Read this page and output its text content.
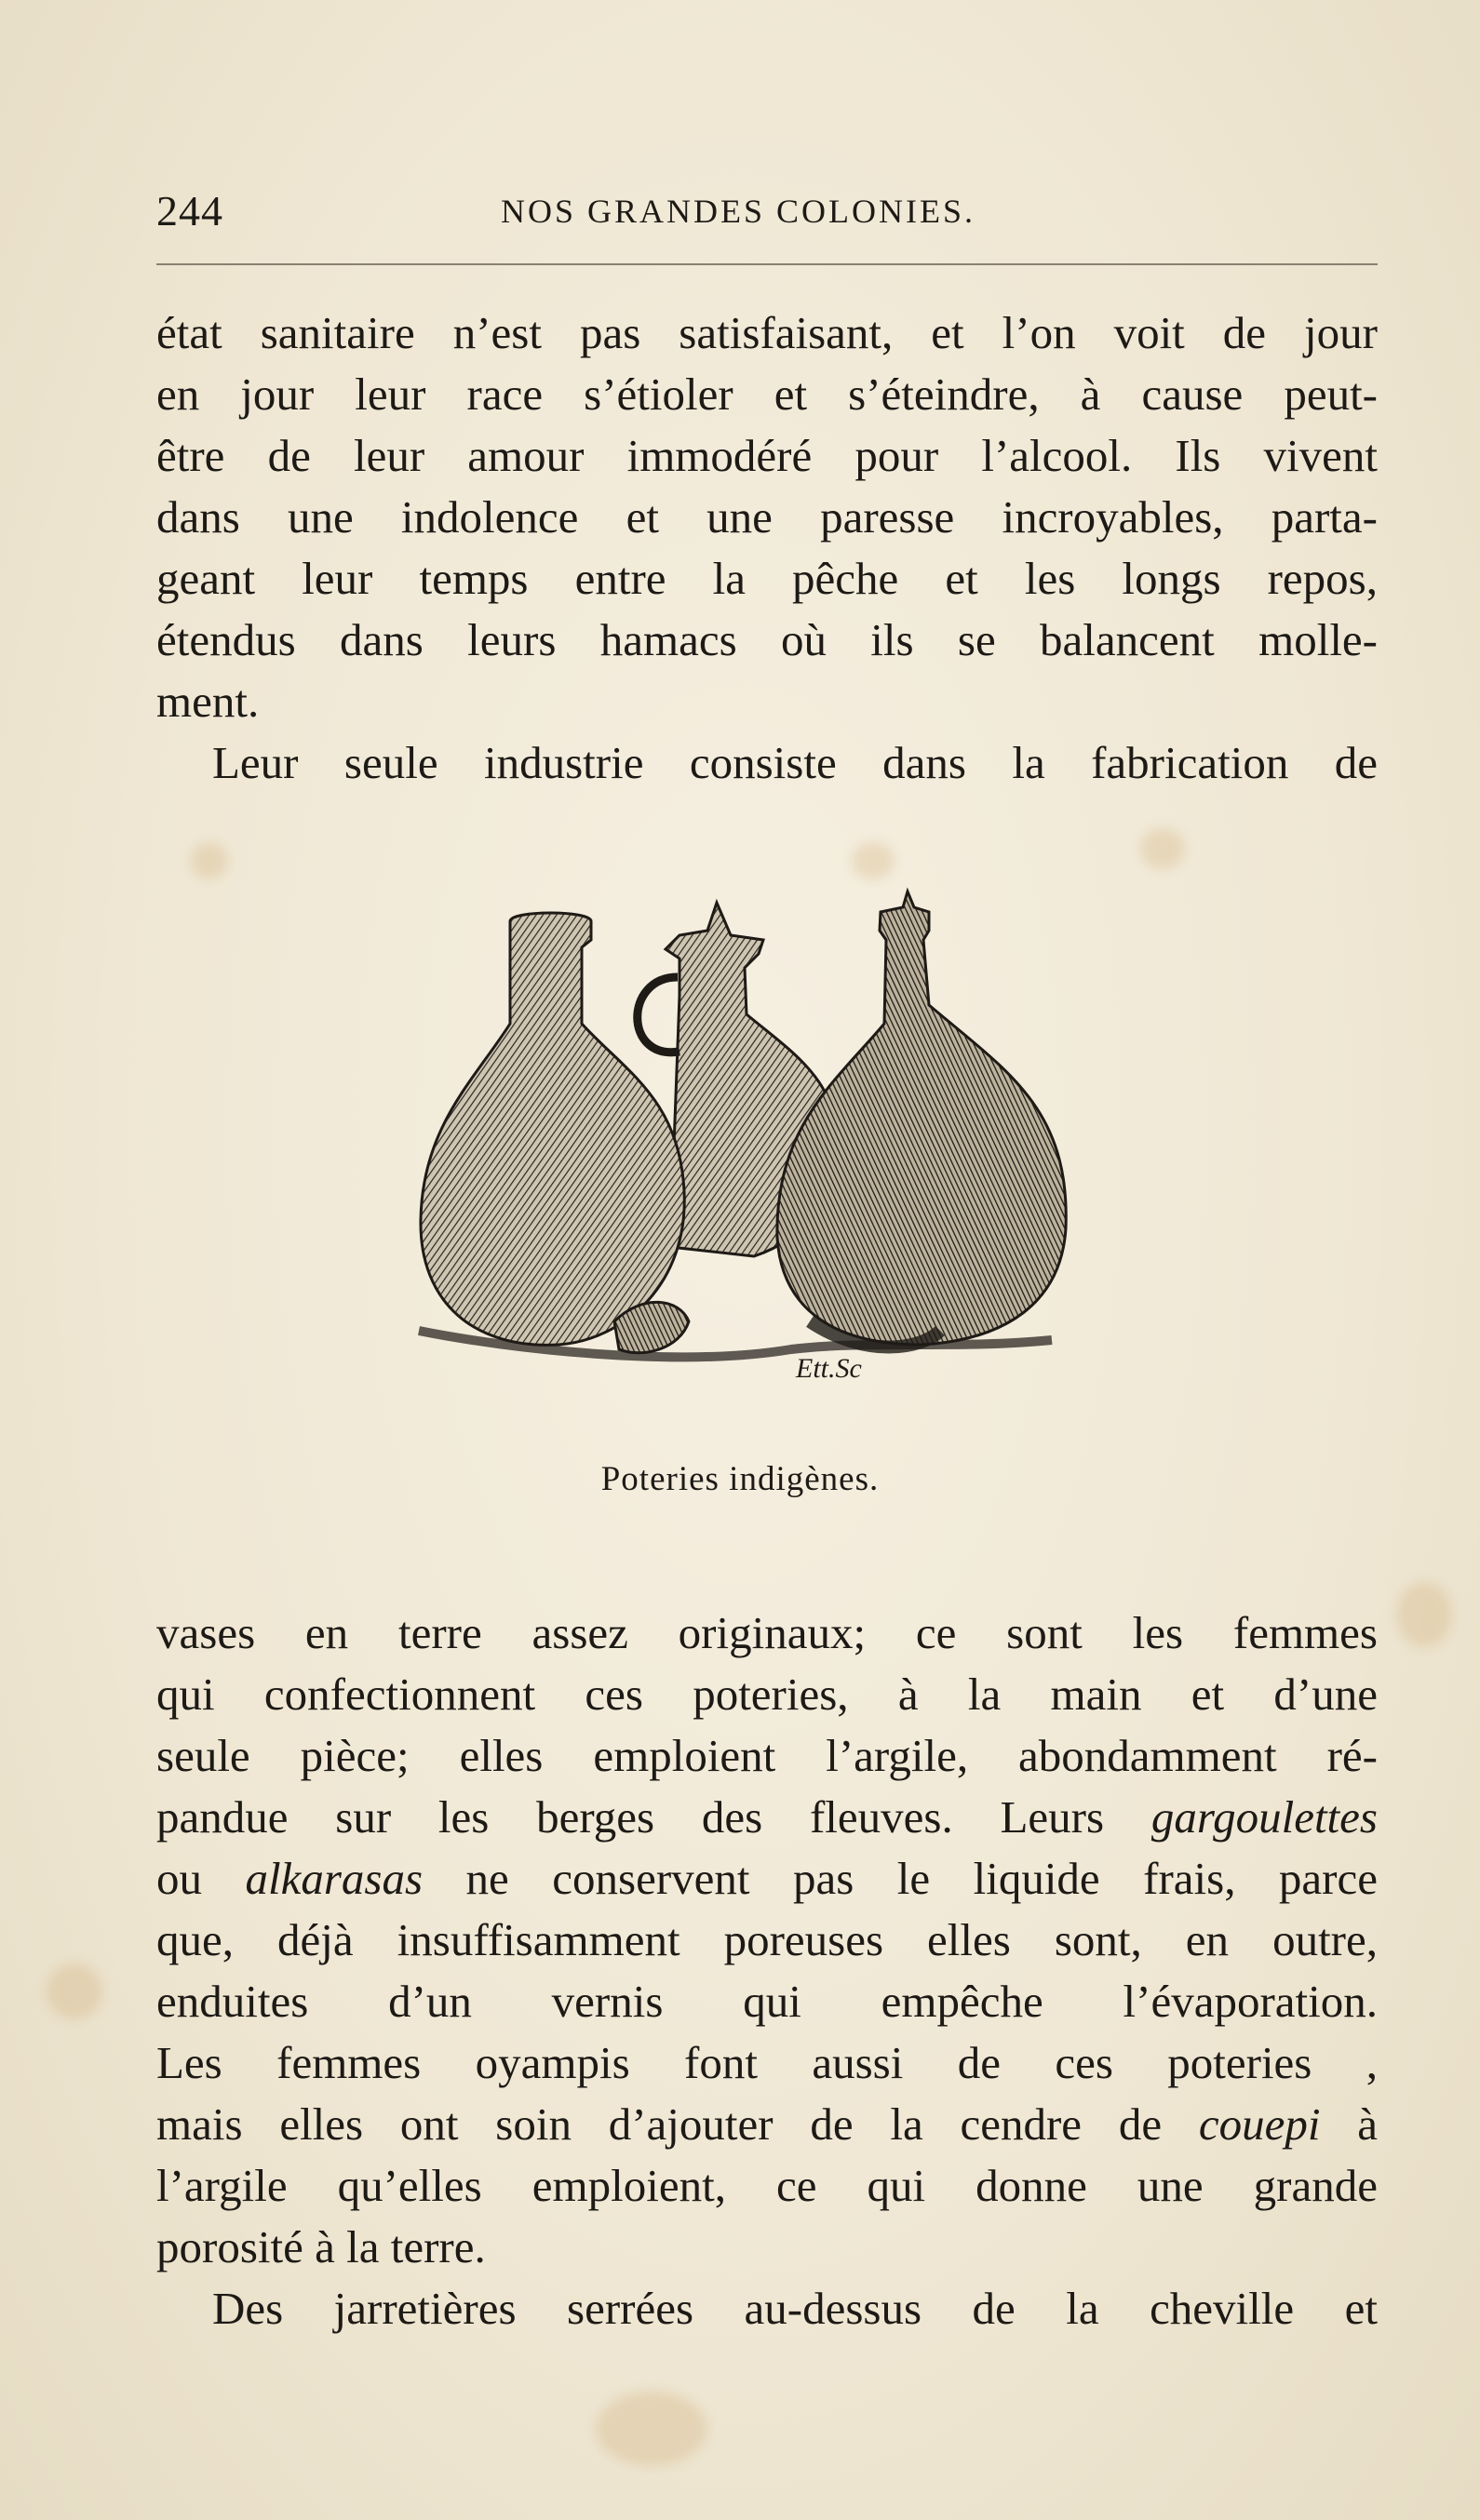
244	NOS GRANDES COLONIES.
état sanitaire n’est pas satisfaisant, et l’on voit de jour
en jour leur race s’étioler et s’éteindre, à cause peut-
être de leur amour immodéré pour l’alcool. Ils vivent
dans une indolence et une paresse incroyables, parta-
geant leur temps entre la pêche et les longs repos,
étendus dans leurs hamacs où ils se balancent molle-
ment.
Leur seule industrie consiste dans la fabrication de
Ett.Sc
Poteries indigènes.
vases en terre assez originaux; ce sont les femmes
qui confectionnent ces poteries, à la main et d’une
seule pièce; elles emploient l’argile, abondamment ré-
pandue sur les berges des fleuves. Leurs gargoulettes
ou alkarasas ne conservent pas le liquide frais, parce
que, déjà insuffisamment poreuses elles sont, en outre,
enduites d’un vernis qui empêche l’évaporation.
Les femmes oyampis font aussi de ces poteries ,
mais elles ont soin d’ajouter de la cendre de couepi à
l’argile qu’elles emploient, ce qui donne une grande
porosité à la terre.
Des jarretières serrées au-dessus de la cheville et
